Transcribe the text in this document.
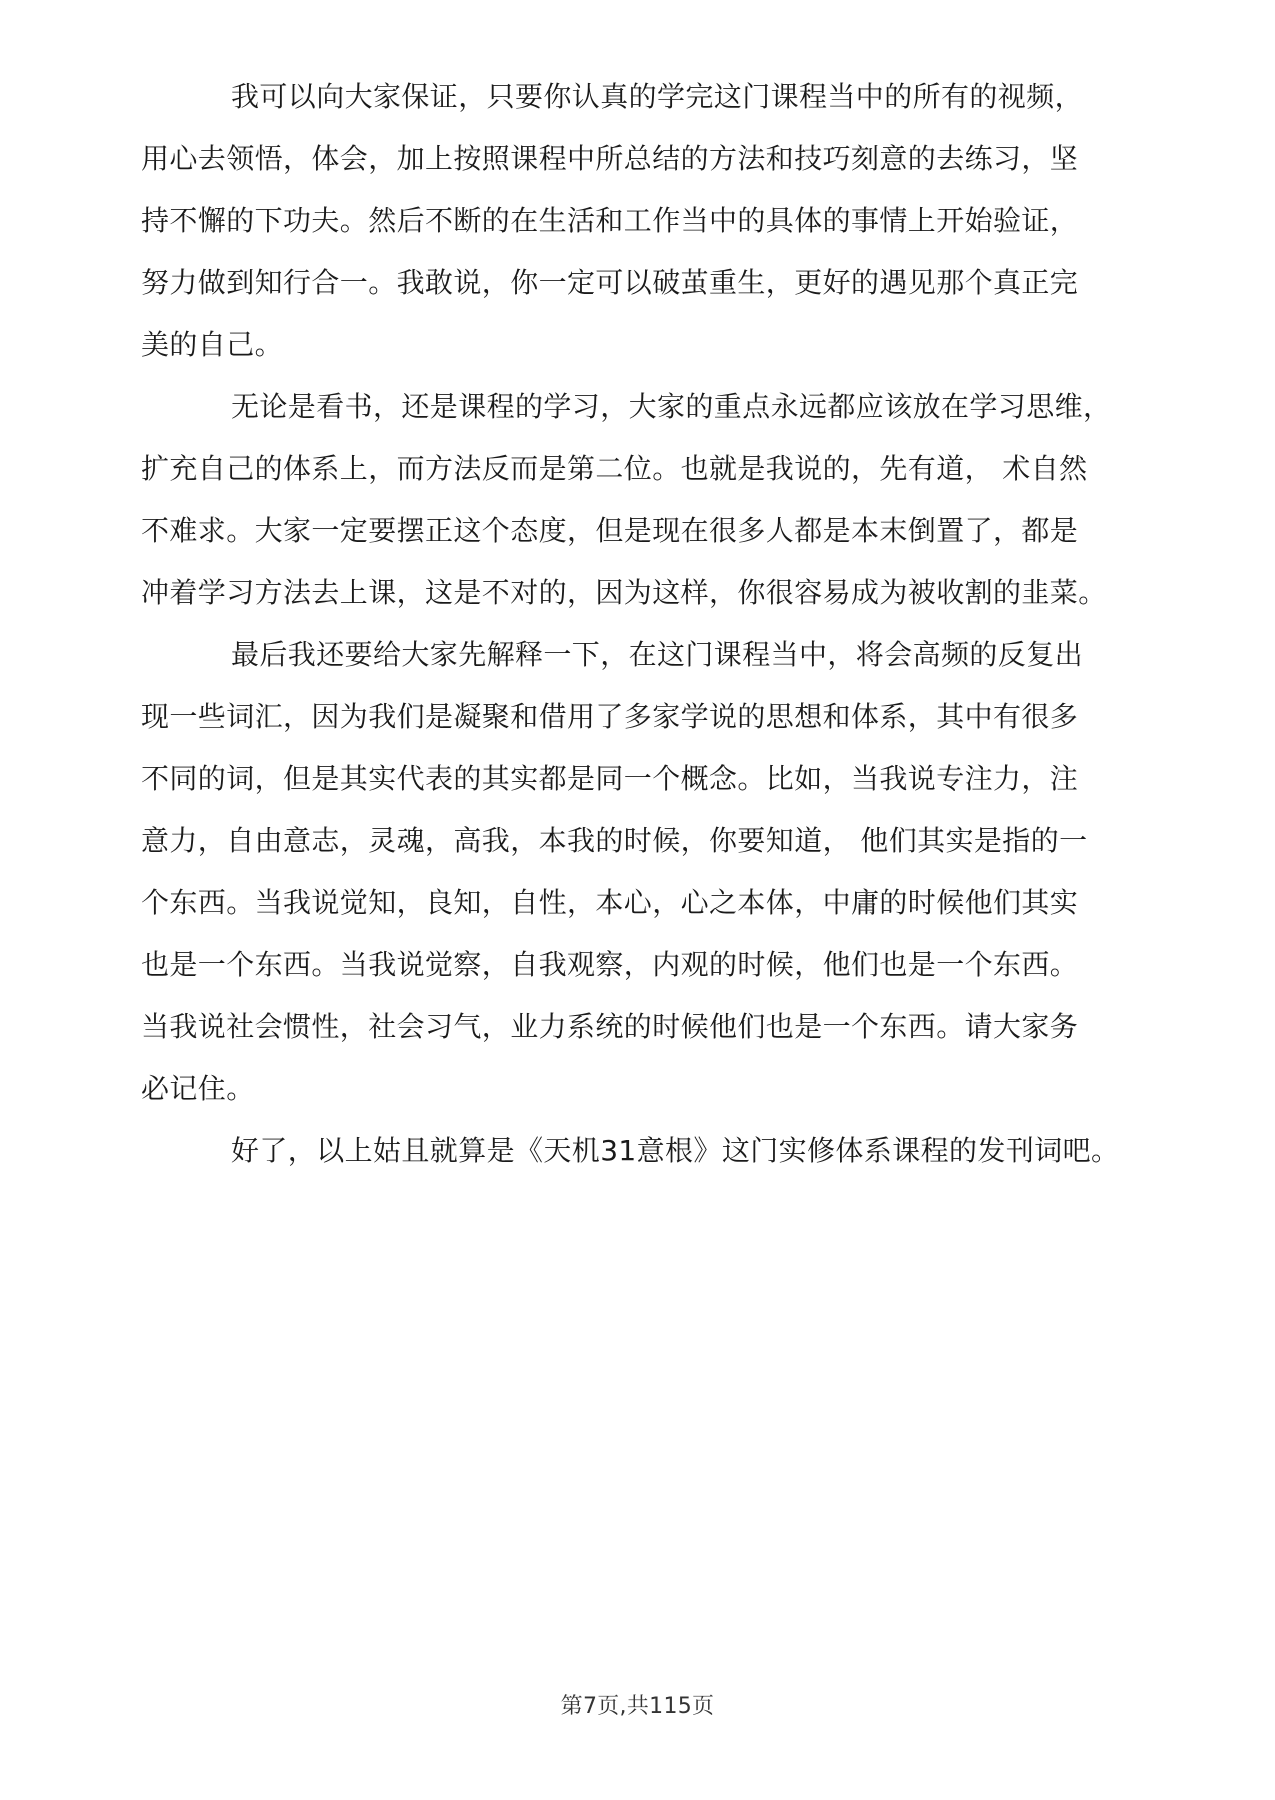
我可以向大家保证，只要你认真的学完这门课程当中的所有的视频，
用心去领悟，体会，加上按照课程中所总结的方法和技巧刻意的去练习，坚
持不懈的下功夫。然后不断的在生活和工作当中的具体的事情上开始验证，
努力做到知行合一。我敢说，你一定可以破茧重生，更好的遇见那个真正完
美的自己。
无论是看书，还是课程的学习，大家的重点永远都应该放在学习思维，
扩充自己的体系上，而方法反而是第二位。也就是我说的，先有道， 术自然
不难求。大家一定要摆正这个态度，但是现在很多人都是本末倒置了，都是
冲着学习方法去上课，这是不对的，因为这样，你很容易成为被收割的韭菜。
最后我还要给大家先解释一下，在这门课程当中，将会高频的反复出
现一些词汇，因为我们是凝聚和借用了多家学说的思想和体系，其中有很多
不同的词，但是其实代表的其实都是同一个概念。比如，当我说专注力，注
意力，自由意志，灵魂，高我，本我的时候，你要知道， 他们其实是指的一
个东西。当我说觉知，良知，自性，本心，心之本体，中庸的时候他们其实
也是一个东西。当我说觉察，自我观察，内观的时候，他们也是一个东西。
当我说社会惯性，社会习气，业力系统的时候他们也是一个东西。请大家务
必记住。
好了，以上姑且就算是《天机31意根》这门实修体系课程的发刊词吧。
第7页,共115页
